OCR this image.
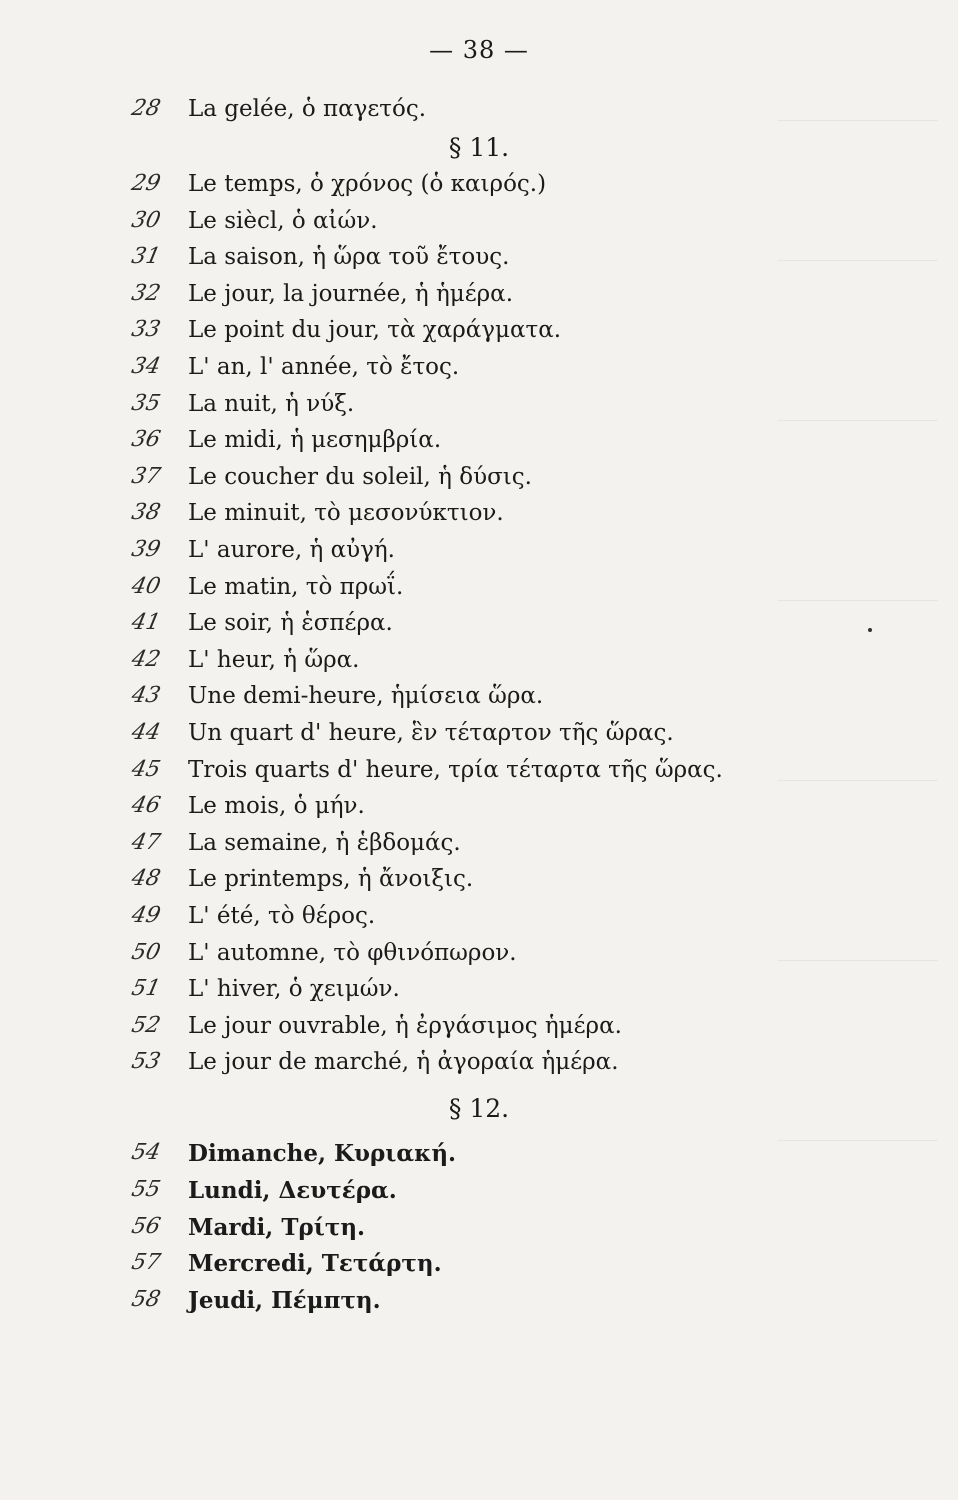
— 38 —
28	La gelée, ὁ παγετός.
§ 11.
29	Le temps, ὁ χρόνος (ὁ καιρός.)
30	Le siècl, ὁ αἰών.
31	La saison, ἡ ὥρα τοῦ ἔτους.
32	Le jour, la journée, ἡ ἡμέρα.
33	Le point du jour, τὰ χαράγματα.
34	L' an, l' année, τὸ ἔτος.
35	La nuit, ἡ νύξ.
36	Le midi, ἡ μεσημβρία.
37	Le coucher du soleil, ἡ δύσις.
38	Le minuit, τὸ μεσονύκτιον.
39	L' aurore, ἡ αὐγή.
40	Le matin, τὸ πρωΐ.
41	Le soir, ἡ ἑσπέρα.
42	L' heur, ἡ ὥρα.
43	Une demi-heure, ἡμίσεια ὥρα.
44	Un quart d' heure, ἓν τέταρτον τῆς ὥρας.
45	Trois quarts d' heure, τρία τέταρτα τῆς ὥρας.
46	Le mois, ὁ μήν.
47	La semaine, ἡ ἑβδομάς.
48	Le printemps, ἡ ἄνοιξις.
49	L' été, τὸ θέρος.
50	L' automne, τὸ φθινόπωρον.
51	L' hiver, ὁ χειμών.
52	Le jour ouvrable, ἡ ἐργάσιμος ἡμέρα.
53	Le jour de marché, ἡ ἀγοραία ἡμέρα.
§ 12.
54	Dimanche, Κυριακή.
55	Lundi, Δευτέρα.
56	Mardi, Τρίτη.
57	Mercredi, Τετάρτη.
58	Jeudi, Πέμπτη.
